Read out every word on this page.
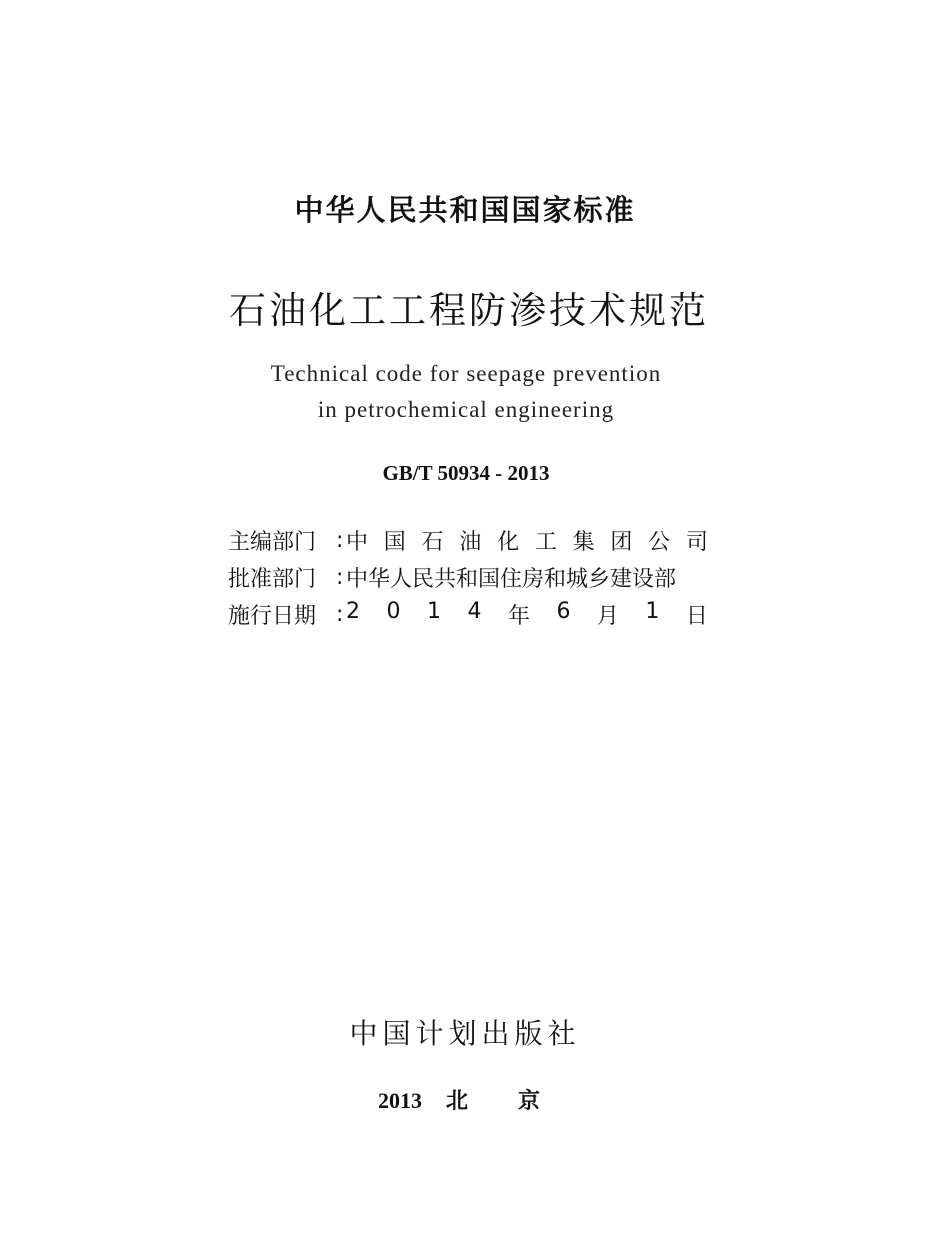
中华人民共和国国家标准
石油化工工程防渗技术规范
Technical code for seepage prevention
in petrochemical engineering
GB/T 50934 - 2013
主编部门 : 中 国 石 油 化 工 集 团 公 司
批准部门 : 中华人民共和国住房和城乡建设部
施行日期 : 2 0 1 4 年 6 月 1 日
中国计划出版社
2013 北 京
